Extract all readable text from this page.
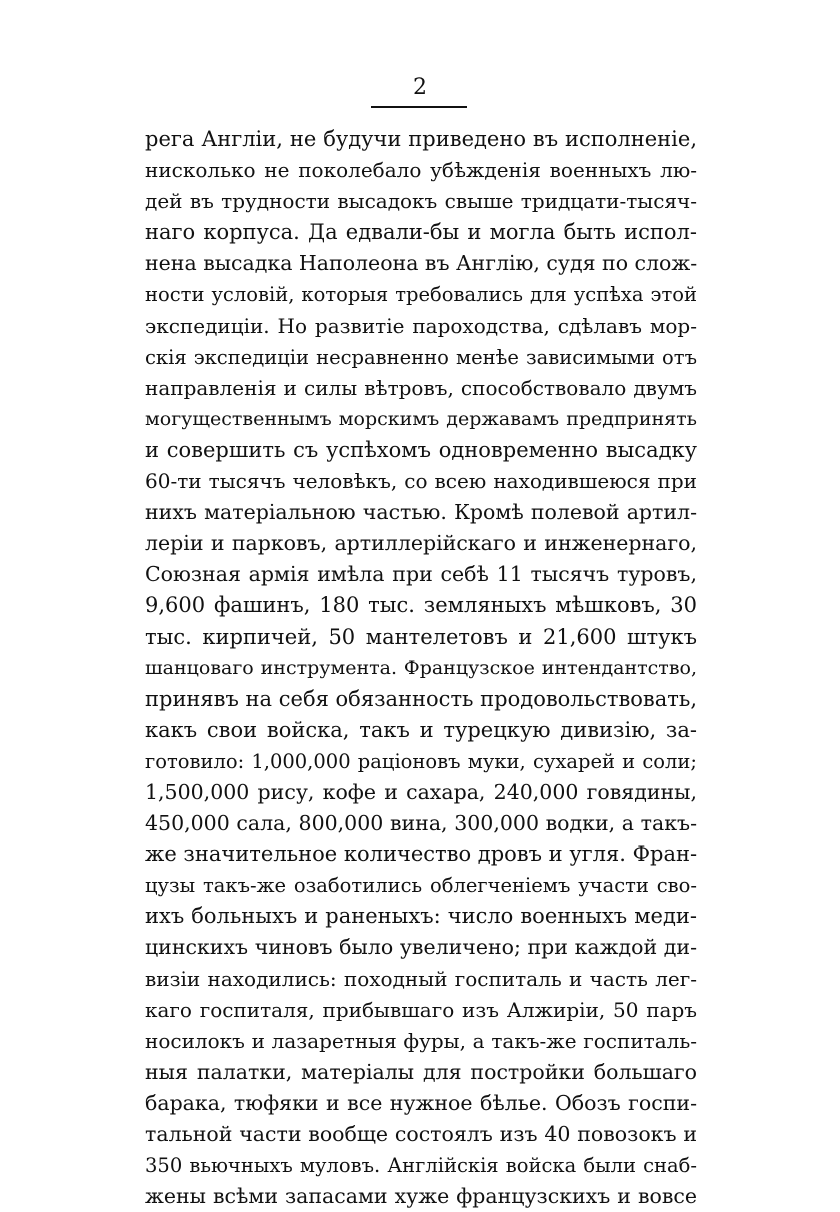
2
рега Англіи, не будучи приведено въ исполненіе,
нисколько не поколебало убѣжденія военныхъ лю-
дей въ трудности высадокъ свыше тридцати-тысяч-
наго корпуса. Да едвали-бы и могла быть испол-
нена высадка Наполеона въ Англію, судя по слож-
ности условій, которыя требовались для успѣха этой
экспедиціи. Но развитіе пароходства, сдѣлавъ мор-
скія экспедиціи несравненно менѣе зависимыми отъ
направленія и силы вѣтровъ, способствовало двумъ
могущественнымъ морскимъ державамъ предпринять
и совершить съ успѣхомъ одновременно высадку
60-ти тысячъ человѣкъ, со всею находившеюся при
нихъ матеріальною частью. Кромѣ полевой артил-
леріи и парковъ, артиллерійскаго и инженернаго,
Союзная армія имѣла при себѣ 11 тысячъ туровъ,
9,600 фашинъ, 180 тыс. земляныхъ мѣшковъ, 30
тыс. кирпичей, 50 мантелетовъ и 21,600 штукъ
шанцоваго инструмента. Французское интендантство,
принявъ на себя обязанность продовольствовать,
какъ свои войска, такъ и турецкую дивизію, за-
готовило: 1,000,000 раціоновъ муки, сухарей и соли;
1,500,000 рису, кофе и сахара, 240,000 говядины,
450,000 сала, 800,000 вина, 300,000 водки, а такъ-
же значительное количество дровъ и угля. Фран-
цузы такъ-же озаботились облегченіемъ участи сво-
ихъ больныхъ и раненыхъ: число военныхъ меди-
цинскихъ чиновъ было увеличено; при каждой ди-
визіи находились: походный госпиталь и часть лег-
каго госпиталя, прибывшаго изъ Алжиріи, 50 паръ
носилокъ и лазаретныя фуры, а такъ-же госпиталь-
ныя палатки, матеріалы для постройки большаго
барака, тюфяки и все нужное бѣлье. Обозъ госпи-
тальной части вообще состоялъ изъ 40 повозокъ и
350 вьючныхъ муловъ. Англійскія войска были снаб-
жены всѣми запасами хуже французскихъ и вовсе
